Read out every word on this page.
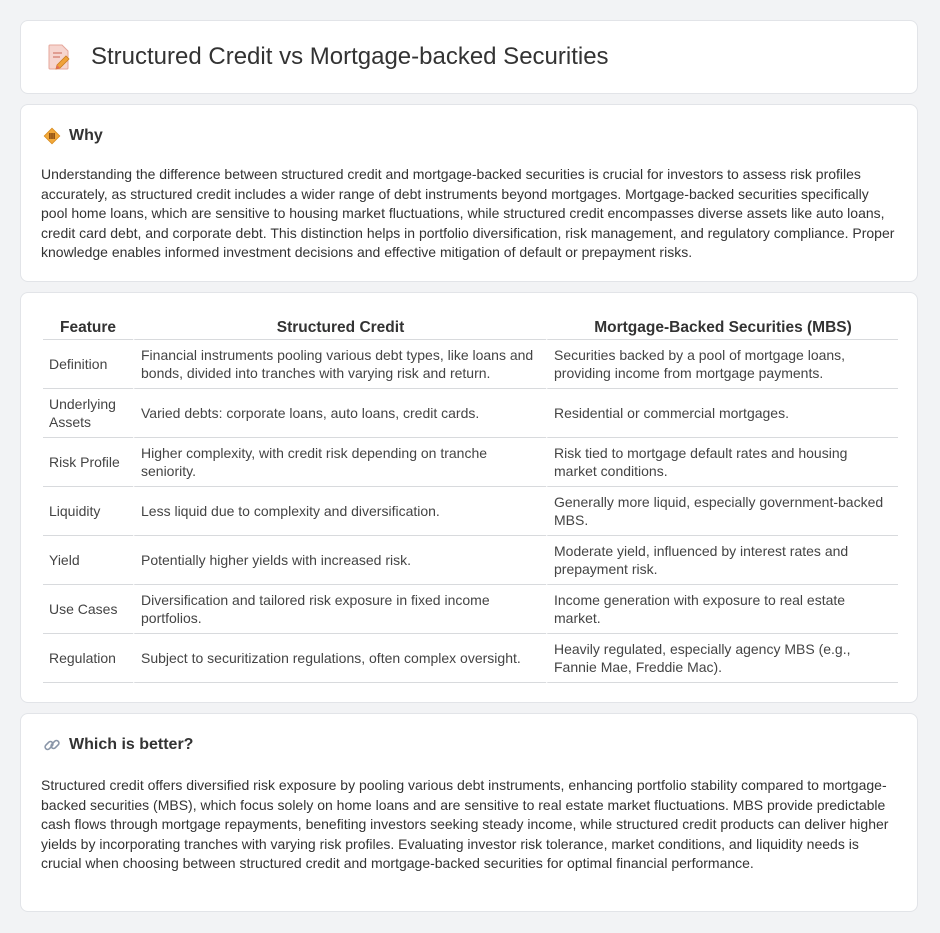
Structured Credit vs Mortgage-backed Securities
Why

Understanding the difference between structured credit and mortgage-backed securities is crucial for investors to assess risk profiles accurately, as structured credit includes a wider range of debt instruments beyond mortgages. Mortgage-backed securities specifically pool home loans, which are sensitive to housing market fluctuations, while structured credit encompasses diverse assets like auto loans, credit card debt, and corporate debt. This distinction helps in portfolio diversification, risk management, and regulatory compliance. Proper knowledge enables informed investment decisions and effective mitigation of default or prepayment risks.

Feature	Structured Credit	Mortgage-Backed Securities (MBS)
Definition	Financial instruments pooling various debt types, like loans and bonds, divided into tranches with varying risk and return.	Securities backed by a pool of mortgage loans, providing income from mortgage payments.
Underlying Assets	Varied debts: corporate loans, auto loans, credit cards.	Residential or commercial mortgages.
Risk Profile	Higher complexity, with credit risk depending on tranche seniority.	Risk tied to mortgage default rates and housing market conditions.
Liquidity	Less liquid due to complexity and diversification.	Generally more liquid, especially government-backed MBS.
Yield	Potentially higher yields with increased risk.	Moderate yield, influenced by interest rates and prepayment risk.
Use Cases	Diversification and tailored risk exposure in fixed income portfolios.	Income generation with exposure to real estate market.
Regulation	Subject to securitization regulations, often complex oversight.	Heavily regulated, especially agency MBS (e.g., Fannie Mae, Freddie Mac).
Which is better?

Structured credit offers diversified risk exposure by pooling various debt instruments, enhancing portfolio stability compared to mortgage-backed securities (MBS), which focus solely on home loans and are sensitive to real estate market fluctuations. MBS provide predictable cash flows through mortgage repayments, benefiting investors seeking steady income, while structured credit products can deliver higher yields by incorporating tranches with varying risk profiles. Evaluating investor risk tolerance, market conditions, and liquidity needs is crucial when choosing between structured credit and mortgage-backed securities for optimal financial performance.
